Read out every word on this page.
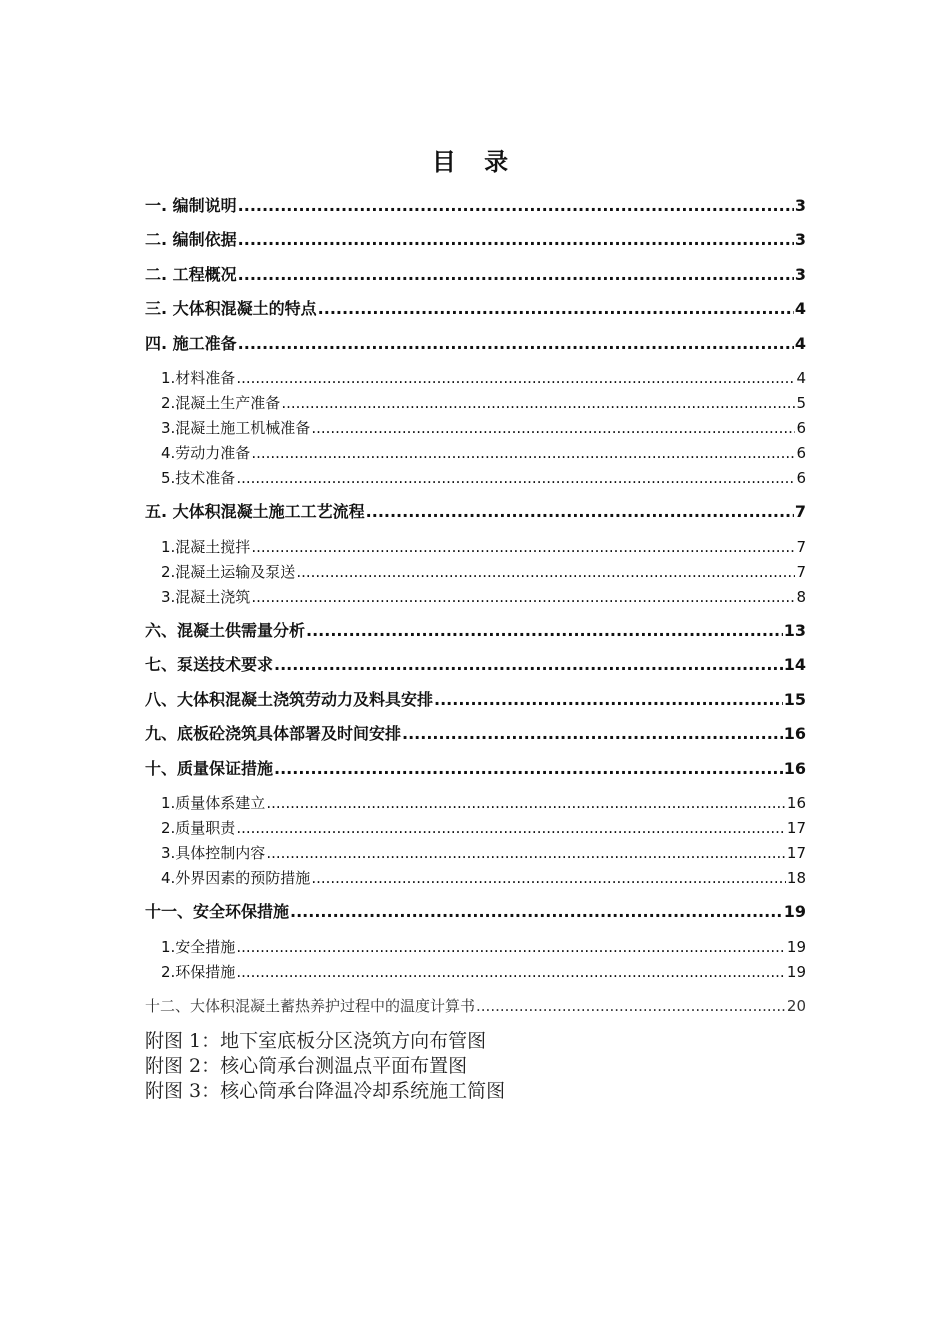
目 录
一. 编制说明 .....	3
二. 编制依据 .....	3
二. 工程概况 .....	3
三. 大体积混凝土的特点 .....	4
四. 施工准备 .....	4
1.材料准备 .....	4
2.混凝土生产准备 .....	5
3.混凝土施工机械准备 .....	6
4.劳动力准备 .....	6
5.技术准备 .....	6
五. 大体积混凝土施工工艺流程 .....	7
1.混凝土搅拌 .....	7
2.混凝土运输及泵送 .....	7
3.混凝土浇筑 .....	8
六、混凝土供需量分析 .....	13
七、泵送技术要求 .....	14
八、大体积混凝土浇筑劳动力及料具安排 .....	15
九、底板砼浇筑具体部署及时间安排 .....	16
十、质量保证措施 .....	16
1.质量体系建立 .....	16
2.质量职责 .....	17
3.具体控制内容 .....	17
4.外界因素的预防措施 .....	18
十一、安全环保措施 .....	19
1.安全措施 .....	19
2.环保措施 .....	19
十二、大体积混凝土蓄热养护过程中的温度计算书 .....	20
附图 1：地下室底板分区浇筑方向布管图
附图 2：核心筒承台测温点平面布置图
附图 3：核心筒承台降温冷却系统施工简图
